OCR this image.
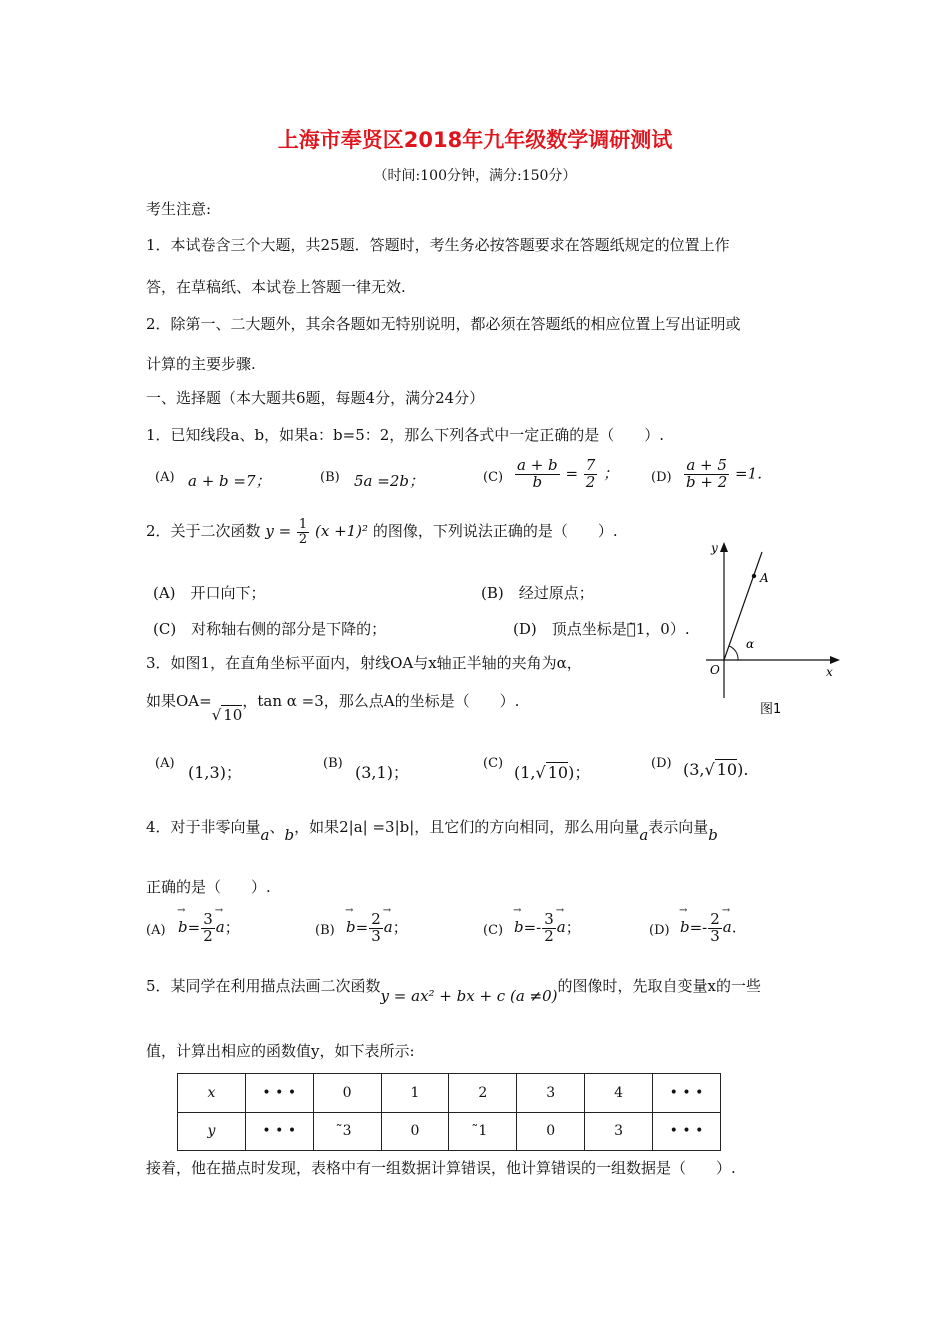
上海市奉贤区2018年九年级数学调研测试
（时间:100分钟，满分:150分）
考生注意:
1．本试卷含三个大题，共25题．答题时，考生务必按答题要求在答题纸规定的位置上作
答，在草稿纸、本试卷上答题一律无效.
2．除第一、二大题外，其余各题如无特别说明，都必须在答题纸的相应位置上写出证明或
计算的主要步骤.
一、选择题（本大题共6题，每题4分，满分24分）
1．已知线段a、b，如果a：b=5：2，那么下列各式中一定正确的是（　　）.
(A) a + b =7；	(B) 5a =2b；	$(C) \frac{a + b}{b} = \frac{7}{2}$ ；	$(D) \frac{a + 5}{b + 2} =1$．
2．关于二次函数 $y = \frac{1}{2} (x +1)^2$ 的图像，下列说法正确的是（　　）.
(A)　开口向下；	(B)　经过原点；
(C)　对称轴右侧的部分是下降的；	(D)　顶点坐标是（̃1，0）.
y
x
O
A
α
图1
3．如图1，在直角坐标平面内，射线OA与x轴正半轴的夹角为α，
如果OA=√ 10，tan α =3，那么点A的坐标是（　　）.
(A) (1,3)；	(B) (3,1)；	(C) (1,√ 10)；	(D) (3,√ 10).
4．对于非零向量a、b，如果2|a| =3|b|，且它们的方向相同，那么用向量a表示向量b
正确的是（　　）.
$(A) \to b= \frac{3}{2} \to a$；	$(B) \to b= \frac{2}{3} \to a$；	$(C) \to b=- \frac{3}{2} \to a$；	$(D) \to b=- \frac{2}{3} \to a$.
5．某同学在利用描点法画二次函数y = ax² + bx + c (a ≠0)的图像时，先取自变量x的一些
值，计算出相应的函数值y，如下表所示:
x	• • •	0	1	2	3	4	• • •
y	• • •	̃3	0	̃1	0	3	• • •
接着，他在描点时发现，表格中有一组数据计算错误，他计算错误的一组数据是（　　）.
